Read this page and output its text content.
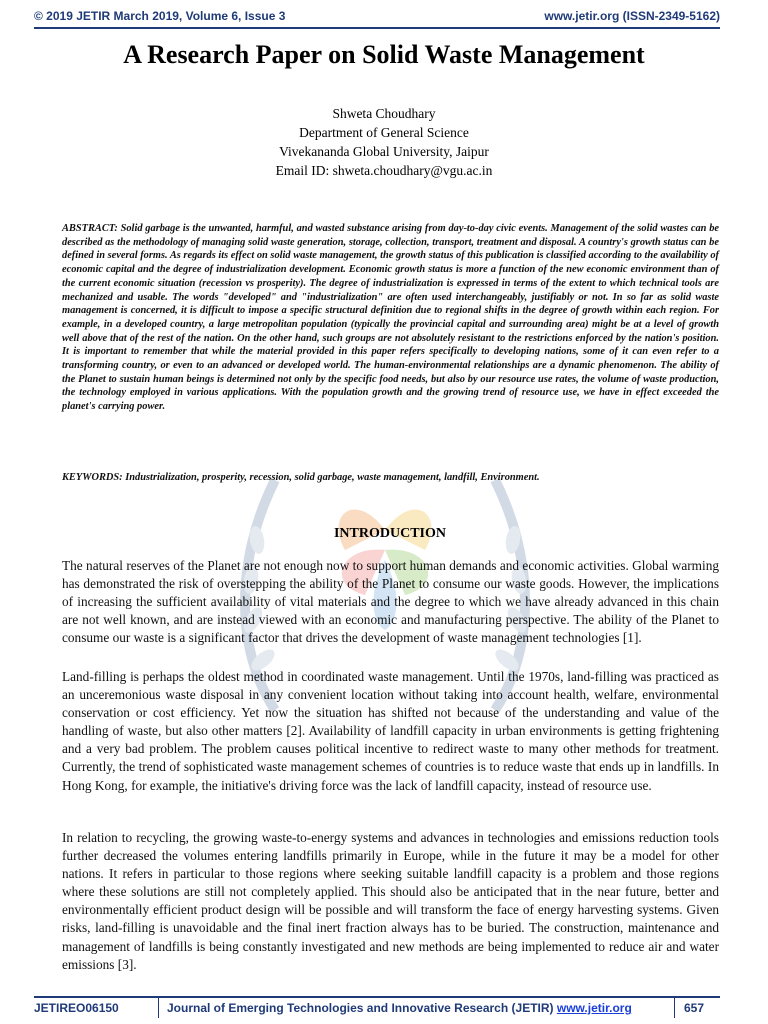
© 2019 JETIR March 2019, Volume 6, Issue 3	www.jetir.org (ISSN-2349-5162)
A Research Paper on Solid Waste Management
Shweta Choudhary
Department of General Science
Vivekananda Global University, Jaipur
Email ID: shweta.choudhary@vgu.ac.in
ABSTRACT: Solid garbage is the unwanted, harmful, and wasted substance arising from day-to-day civic events. Management of the solid wastes can be described as the methodology of managing solid waste generation, storage, collection, transport, treatment and disposal. A country's growth status can be defined in several forms. As regards its effect on solid waste management, the growth status of this publication is classified according to the availability of economic capital and the degree of industrialization development. Economic growth status is more a function of the new economic environment than of the current economic situation (recession vs prosperity). The degree of industrialization is expressed in terms of the extent to which technical tools are mechanized and usable. The words "developed" and "industrialization" are often used interchangeably, justifiably or not. In so far as solid waste management is concerned, it is difficult to impose a specific structural definition due to regional shifts in the degree of growth within each region. For example, in a developed country, a large metropolitan population (typically the provincial capital and surrounding area) might be at a level of growth well above that of the rest of the nation. On the other hand, such groups are not absolutely resistant to the restrictions enforced by the nation's position. It is important to remember that while the material provided in this paper refers specifically to developing nations, some of it can even refer to a transforming country, or even to an advanced or developed world. The human-environmental relationships are a dynamic phenomenon. The ability of the Planet to sustain human beings is determined not only by the specific food needs, but also by our resource use rates, the volume of waste production, the technology employed in various applications. With the population growth and the growing trend of resource use, we have in effect exceeded the planet's carrying power.
KEYWORDS: Industrialization, prosperity, recession, solid garbage, waste management, landfill, Environment.
INTRODUCTION
The natural reserves of the Planet are not enough now to support human demands and economic activities. Global warming has demonstrated the risk of overstepping the ability of the Planet to consume our waste goods. However, the implications of increasing the sufficient availability of vital materials and the degree to which we have already advanced in this chain are not well known, and are instead viewed with an economic and manufacturing perspective. The ability of the Planet to consume our waste is a significant factor that drives the development of waste management technologies [1].
Land-filling is perhaps the oldest method in coordinated waste management. Until the 1970s, land-filling was practiced as an unceremonious waste disposal in any convenient location without taking into account health, welfare, environmental conservation or cost efficiency. Yet now the situation has shifted not because of the understanding and value of the handling of waste, but also other matters [2]. Availability of landfill capacity in urban environments is getting frightening and a very bad problem. The problem causes political incentive to redirect waste to many other methods for treatment. Currently, the trend of sophisticated waste management schemes of countries is to reduce waste that ends up in landfills. In Hong Kong, for example, the initiative's driving force was the lack of landfill capacity, instead of resource use.
In relation to recycling, the growing waste-to-energy systems and advances in technologies and emissions reduction tools further decreased the volumes entering landfills primarily in Europe, while in the future it may be a model for other nations. It refers in particular to those regions where seeking suitable landfill capacity is a problem and those regions where these solutions are still not completely applied. This should also be anticipated that in the near future, better and environmentally efficient product design will be possible and will transform the face of energy harvesting systems. Given risks, land-filling is unavoidable and the final inert fraction always has to be buried. The construction, maintenance and management of landfills is being constantly investigated and new methods are being implemented to reduce air and water emissions [3].
JETIREO06150	Journal of Emerging Technologies and Innovative Research (JETIR) www.jetir.org	657
